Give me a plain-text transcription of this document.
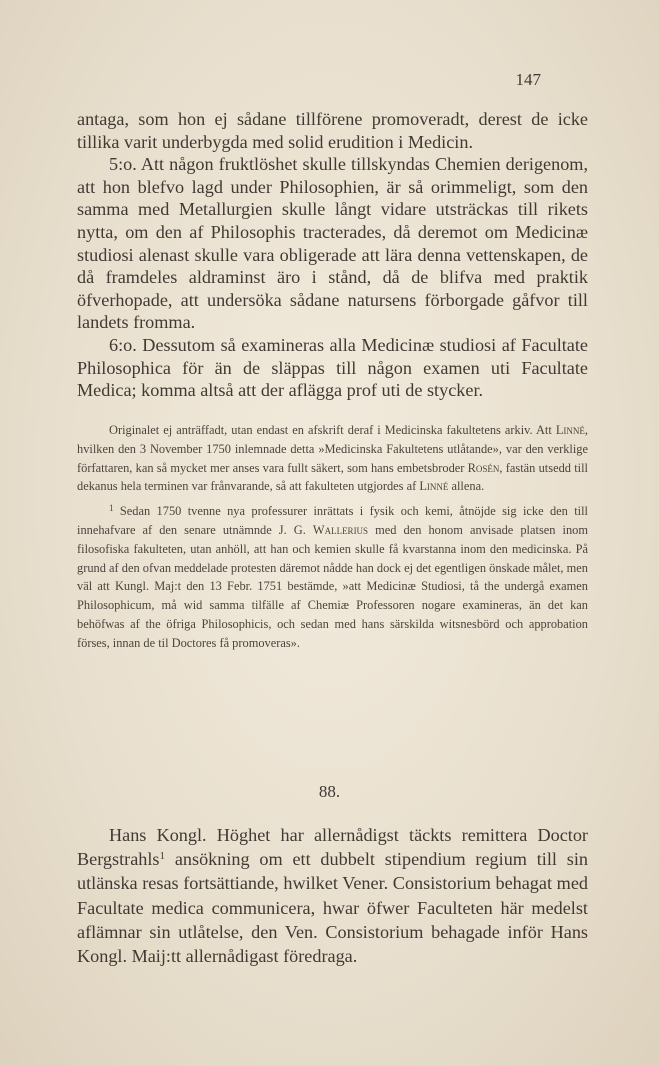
147

antaga, som hon ej sådane tillförene promoveradt, derest de icke tillika varit underbygda med solid erudition i Medicin.

5:o. Att någon fruktlöshet skulle tillskyndas Chemien derigenom, att hon blefvo lagd under Philosophien, är så orimmeligt, som den samma med Metallurgien skulle långt vidare utsträckas till rikets nytta, om den af Philosophis tracterades, då deremot om Medicinæ studiosi alenast skulle vara obligerade att lära denna vettenskapen, de då framdeles aldraminst äro i stånd, då de blifva med praktik öfverhopade, att undersöka sådane natursens förborgade gåfvor till landets fromma.

6:o. Dessutom så examineras alla Medicinæ studiosi af Facultate Philosophica för än de släppas till någon examen uti Facultate Medica; komma altså att der aflägga prof uti de stycker.

Originalet ej anträffadt, utan endast en afskrift deraf i Medicinska fakultetens arkiv. Att Linné, hvilken den 3 November 1750 inlemnade detta »Medicinska Fakultetens utlåtande», var den verklige författaren, kan så mycket mer anses vara fullt säkert, som hans embetsbroder Rosén, fastän utsedd till dekanus hela terminen var frånvarande, så att fakulteten utgjordes af Linné allena.

$^1$ Sedan 1750 tvenne nya professurer inrättats i fysik och kemi, åtnöjde sig icke den till innehafvare af den senare utnämnde J. G. Wallerius med den honom anvisade platsen inom filosofiska fakulteten, utan anhöll, att han och kemien skulle få kvarstanna inom den medicinska. På grund af den ofvan meddelade protesten däremot nådde han dock ej det egentligen önskade målet, men väl att Kungl. Maj:t den 13 Febr. 1751 bestämde, »att Medicinæ Studiosi, tå the undergå examen Philosophicum, må wid samma tilfälle af Chemiæ Professoren nogare examineras, än det kan behöfwas af the öfriga Philosophicis, och sedan med hans särskilda witsnesbörd och approbation förses, innan de til Doctores få promoveras».

88.

Hans Kongl. Höghet har allernådigst täckts remittera Doctor Bergstrahls$^1$ ansökning om ett dubbelt stipendium regium till sin utlänska resas fortsättiande, hwilket Vener. Consistorium behagat med Facultate medica communicera, hwar öfwer Faculteten här medelst aflämnar sin utlåtelse, den Ven. Consistorium behagade inför Hans Kongl. Maij:tt allernådigast föredraga.
